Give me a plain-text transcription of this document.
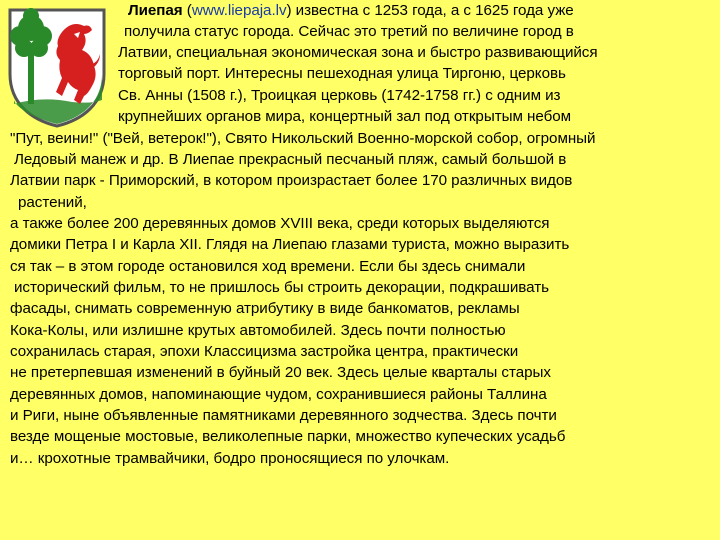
Лиепая (www.liepaja.lv) известна с 1253 года, а с 1625 года уже

получила статус города. Сейчас это третий по величине город в

Латвии, специальная экономическая зона и быстро развивающийся

торговый порт. Интересны пешеходная улица Тиргоню, церковь

Св. Анны (1508 г.), Троицкая церковь (1742-1758 гг.) с одним из

крупнейших органов мира, концертный зал под открытым небом

"Пут, веини!" ("Вей, ветерок!"), Свято Никольский Военно-морской собор, огромный

Ледовый манеж и др. В Лиепае прекрасный песчаный пляж, самый большой в

Латвии парк - Приморский, в котором произрастает более 170 различных видов

растений,

а также более 200 деревянных домов XVIII века, среди которых выделяются

домики Петра I и Карла XII. Глядя на Лиепаю глазами туриста, можно выразить

ся так – в этом городе остановился ход времени. Если бы здесь снимали

исторический фильм, то не пришлось бы строить декорации, подкрашивать

фасады, снимать современную атрибутику в виде банкоматов, рекламы

Кока-Колы, или излишне крутых автомобилей. Здесь почти полностью

сохранилась старая, эпохи Классицизма застройка центра, практически

не претерпевшая изменений в буйный 20 век. Здесь целые кварталы старых

деревянных домов, напоминающие чудом, сохранившиеся районы Таллина

и Риги, ныне объявленные памятниками деревянного зодчества. Здесь почти

везде мощеные мостовые, великолепные парки, множество купеческих усадьб

и… крохотные трамвайчики, бодро проносящиеся по улочкам.
